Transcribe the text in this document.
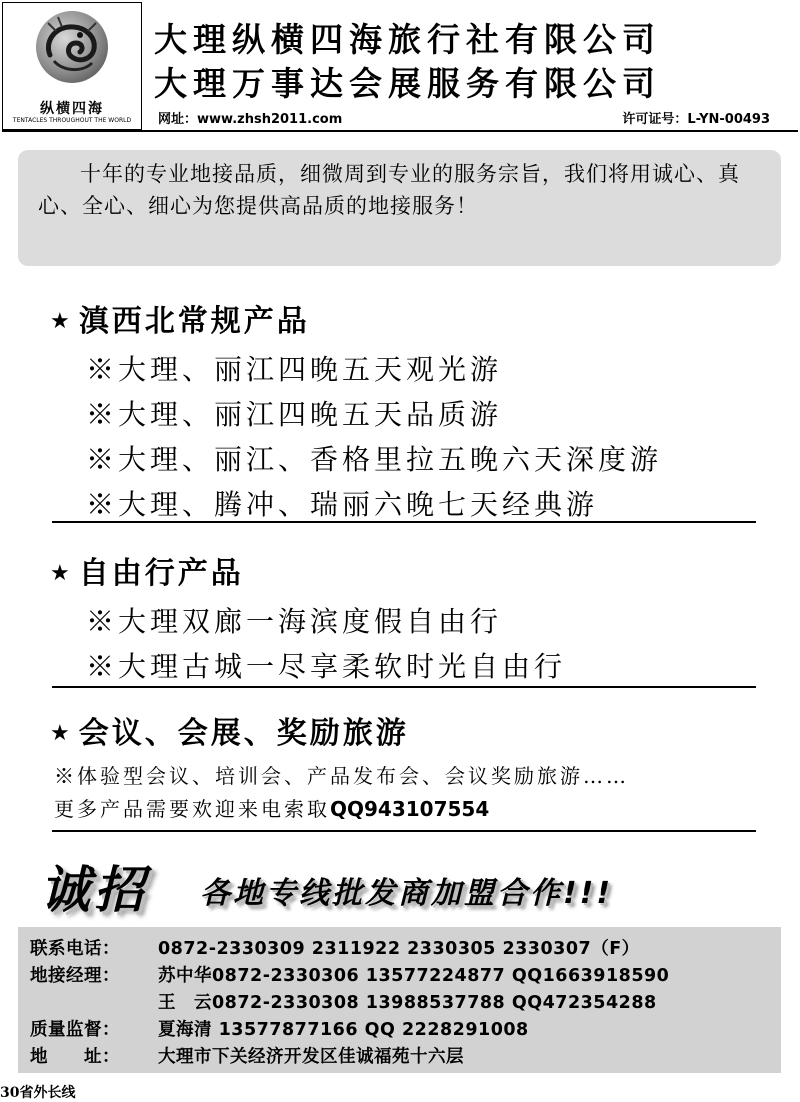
纵横四海
TENTACLES THROUGHOUT THE WORLD
大理纵横四海旅行社有限公司
大理万事达会展服务有限公司
网址：www.zhsh2011.com	许可证号：L-YN-00493

十年的专业地接品质，细微周到专业的服务宗旨，我们将用诚心、真心、全心、细心为您提供高品质的地接服务！

★ 滇西北常规产品
※大理、丽江四晚五天观光游
※大理、丽江四晚五天品质游
※大理、丽江、香格里拉五晚六天深度游
※大理、腾冲、瑞丽六晚七天经典游
★ 自由行产品
※大理双廊一海滨度假自由行
※大理古城一尽享柔软时光自由行
★ 会议、会展、奖励旅游
※体验型会议、培训会、产品发布会、会议奖励旅游……
更多产品需要欢迎来电索取QQ943107554
诚招 各地专线批发商加盟合作!!!
联系电话： 0872-2330309 2311922 2330305 2330307（F）
地接经理： 苏中华0872-2330306 13577224877 QQ1663918590
王　云0872-2330308 13988537788 QQ472354288
质量监督： 夏海清 13577877166 QQ 2228291008
地　　址： 大理市下关经济开发区佳诚福苑十六层
30省外长线
